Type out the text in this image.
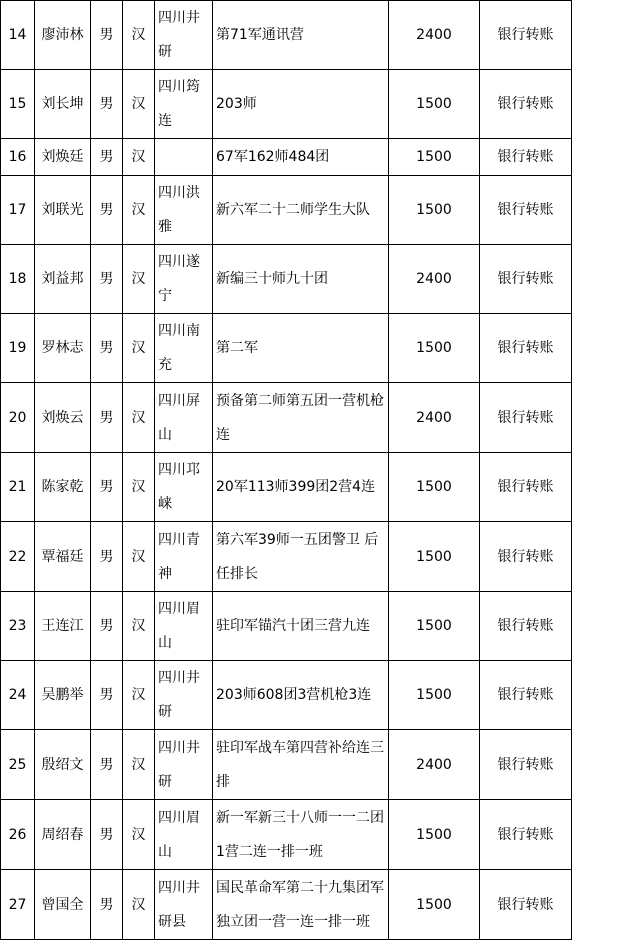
14	廖沛林	男	汉	四川井研	第71军通讯营	2400	银行转账
15	刘长坤	男	汉	四川筠连	203师	1500	银行转账
16	刘焕廷	男	汉		67军162师484团	1500	银行转账
17	刘联光	男	汉	四川洪雅	新六军二十二师学生大队	1500	银行转账
18	刘益邦	男	汉	四川遂宁	新编三十师九十团	2400	银行转账
19	罗林志	男	汉	四川南充	第二军	1500	银行转账
20	刘焕云	男	汉	四川屏山	预备第二师第五团一营机枪连	2400	银行转账
21	陈家乾	男	汉	四川邛崃	20军113师399团2营4连	1500	银行转账
22	覃福廷	男	汉	四川青神	第六军39师一五团警卫 后任排长	1500	银行转账
23	王连江	男	汉	四川眉山	驻印军锚汽十团三营九连	1500	银行转账
24	吴鹏举	男	汉	四川井研	203师608团3营机枪3连	1500	银行转账
25	殷绍文	男	汉	四川井研	驻印军战车第四营补给连三排	2400	银行转账
26	周绍春	男	汉	四川眉山	新一军新三十八师一一二团1营二连一排一班	1500	银行转账
27	曾国全	男	汉	四川井研县	国民革命军第二十九集团军独立团一营一连一排一班	1500	银行转账
